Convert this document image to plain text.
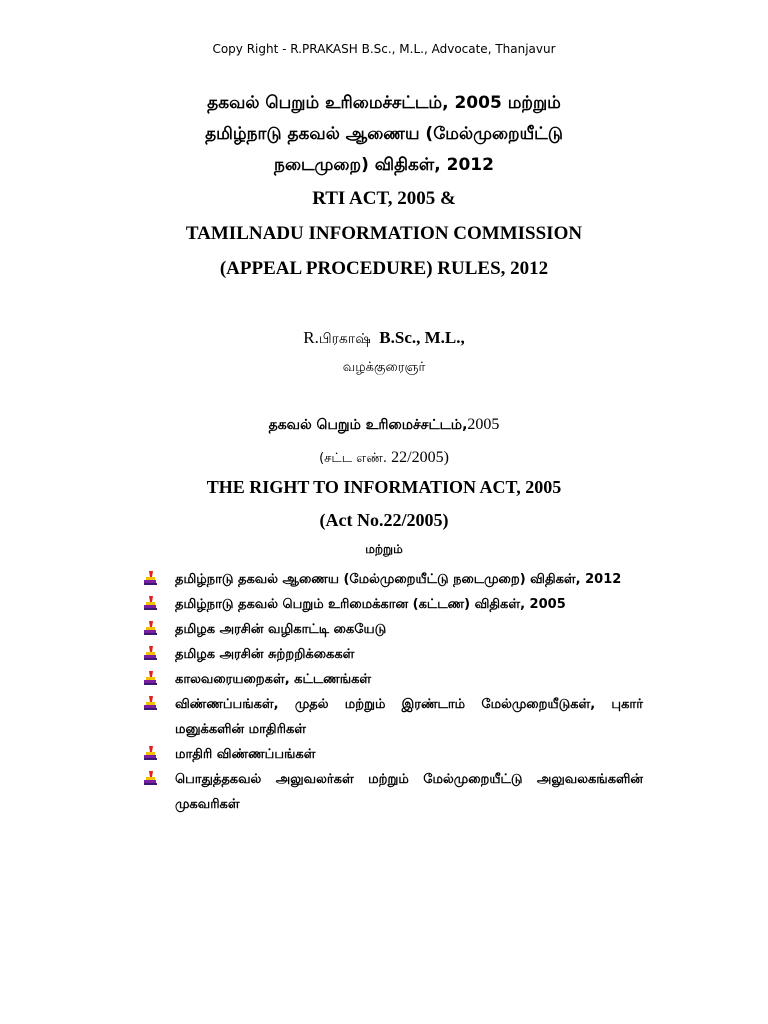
Copy Right - R.PRAKASH B.Sc., M.L., Advocate, Thanjavur

தகவல் பெறும் உரிமைச்சட்டம், 2005 மற்றும்

தமிழ்நாடு தகவல் ஆணைய (மேல்முறையீட்டு

நடைமுறை) விதிகள், 2012

RTI ACT, 2005 &

TAMILNADU INFORMATION COMMISSION

(APPEAL PROCEDURE) RULES, 2012

R.பிரகாஷ் B.Sc., M.L.,
வழக்குரைஞர்
தகவல் பெறும் உரிமைச்சட்டம்,2005
(சட்ட எண். 22/2005)
THE RIGHT TO INFORMATION ACT, 2005
(Act No.22/2005)
மற்றும்
தமிழ்நாடு தகவல் ஆணைய (மேல்முறையீட்டு நடைமுறை) விதிகள், 2012
தமிழ்நாடு தகவல் பெறும் உரிமைக்கான (கட்டண) விதிகள், 2005
தமிழக அரசின் வழிகாட்டி கையேடு
தமிழக அரசின் சுற்றறிக்கைகள்
காலவரையறைகள், கட்டணங்கள்
விண்ணப்பங்கள், முதல் மற்றும் இரண்டாம் மேல்முறையீடுகள், புகார் மனுக்களின் மாதிரிகள்
மாதிரி விண்ணப்பங்கள்
பொதுத்தகவல் அலுவலர்கள் மற்றும் மேல்முறையீட்டு அலுவலகங்களின் முகவரிகள்
